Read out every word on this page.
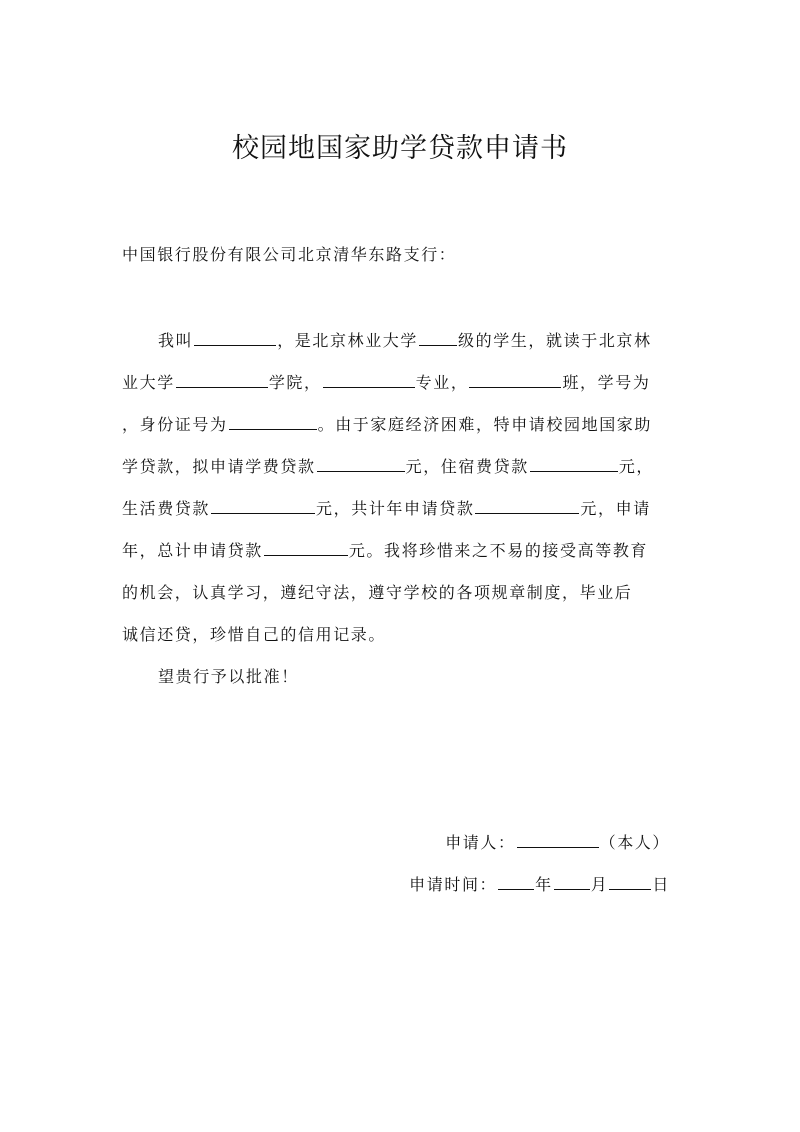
校园地国家助学贷款申请书
中国银行股份有限公司北京清华东路支行：
我叫	，是北京林业大学	级的学生，就读于北京林
业大学	学院，	专业，	班，学号为
，身份证号为	。由于家庭经济困难，特申请校园地国家助
学贷款，拟申请学费贷款	元，住宿费贷款	元，
生活费贷款	元，共计年申请贷款	元，申请
年，总计申请贷款	元。我将珍惜来之不易的接受高等教育
的机会，认真学习，遵纪守法，遵守学校的各项规章制度，毕业后
诚信还贷，珍惜自己的信用记录。
望贵行予以批准！
申请人：	（本人）
申请时间： 年 月	日
